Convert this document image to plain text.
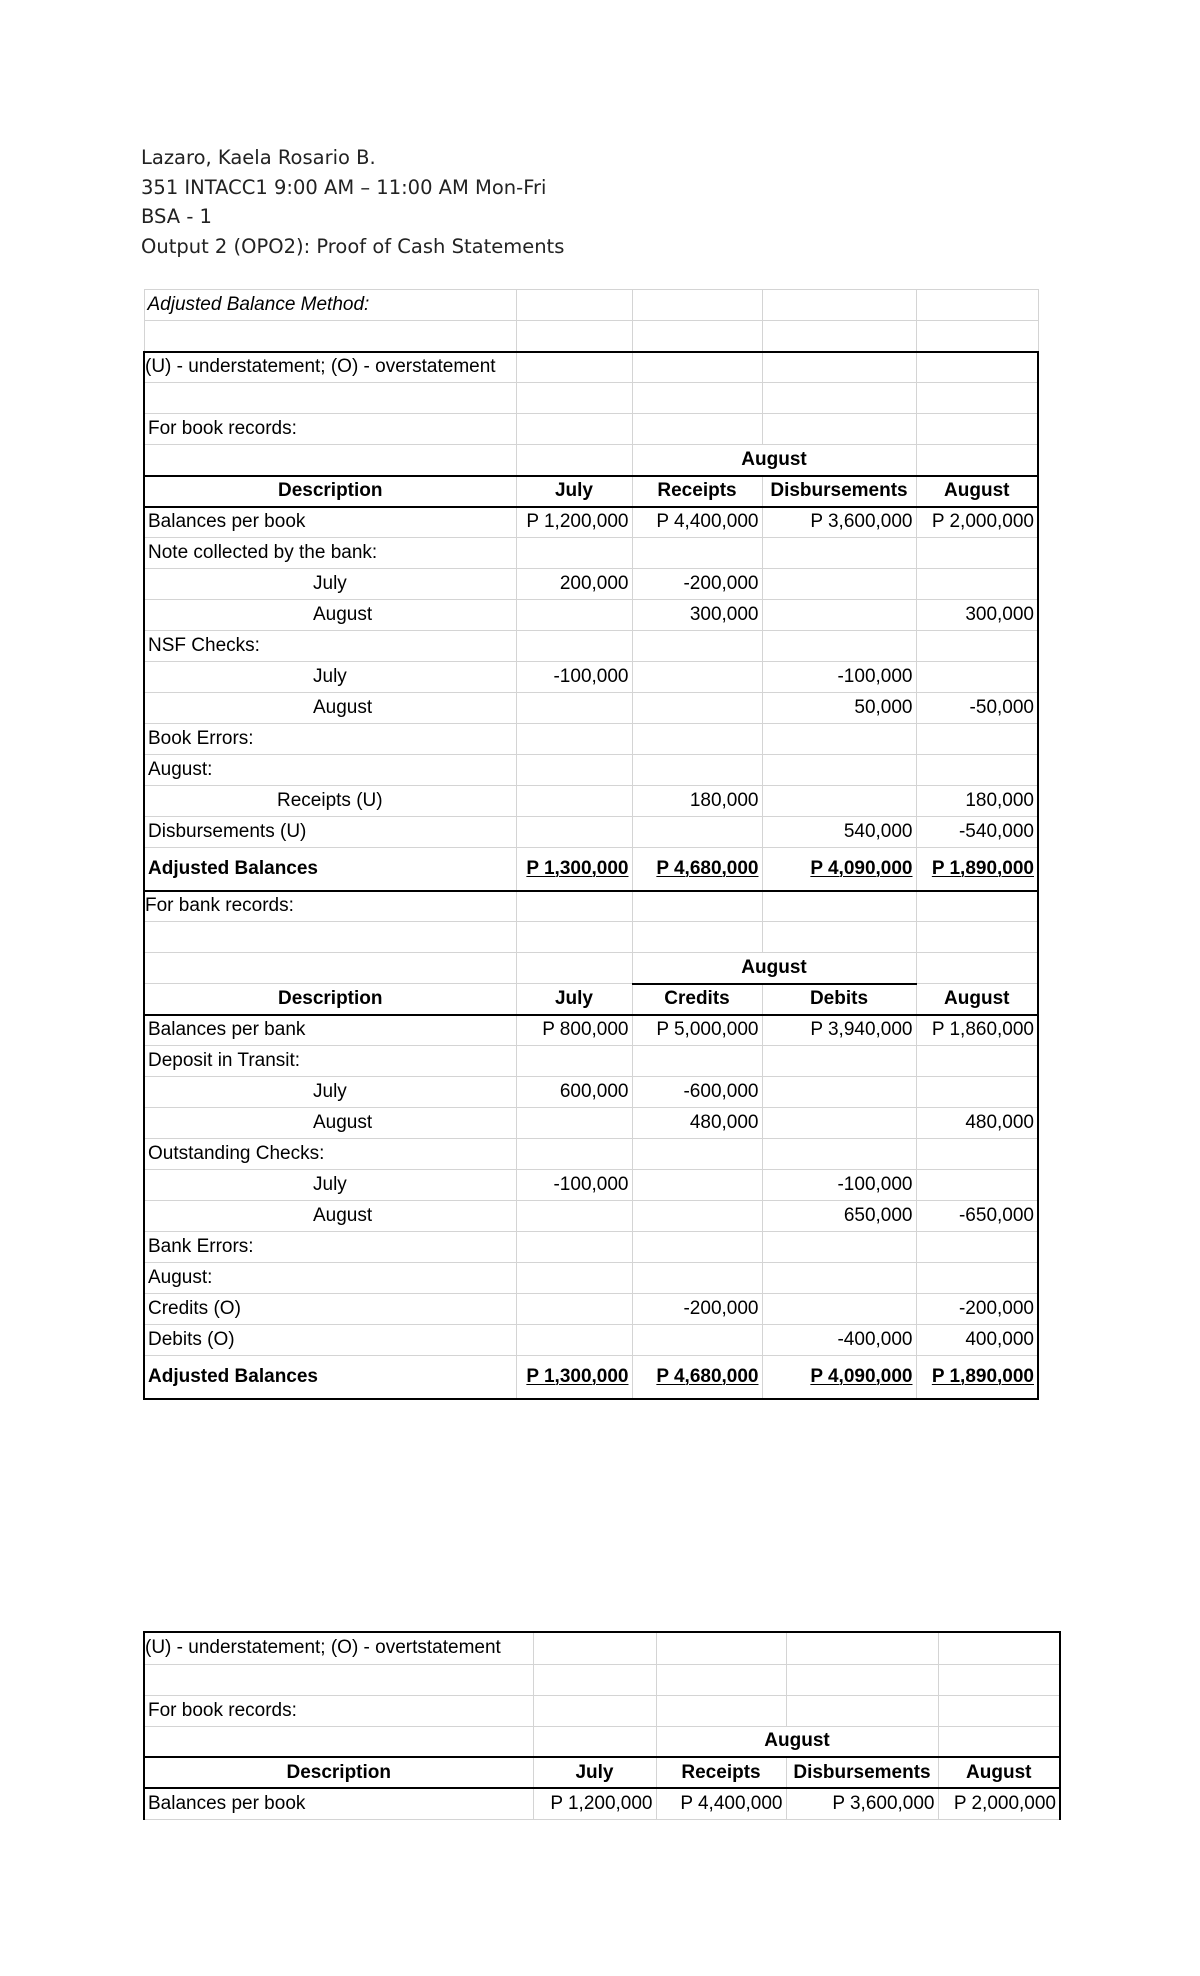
Lazaro, Kaela Rosario B.
351 INTACC1 9:00 AM – 11:00 AM Mon-Fri
BSA - 1
Output 2 (OPO2): Proof of Cash Statements
Adjusted Balance Method:				

(U) - understatement; (O) - overstatement				

For book records:				
		August		
Description	July	Receipts	Disbursements	August
Balances per book	P 1,200,000	P 4,400,000	P 3,600,000	P 2,000,000
Note collected by the bank:				
July	200,000	-200,000		
August		300,000		300,000
NSF Checks:				
July	-100,000		-100,000	
August			50,000	-50,000
Book Errors:				
August:				
Receipts (U)		180,000		180,000
Disbursements (U)			540,000	-540,000
Adjusted Balances	P 1,300,000	P 4,680,000	P 4,090,000	P 1,890,000
For bank records:				

		August		
Description	July	Credits	Debits	August
Balances per bank	P 800,000	P 5,000,000	P 3,940,000	P 1,860,000
Deposit in Transit:				
July	600,000	-600,000		
August		480,000		480,000
Outstanding Checks:				
July	-100,000		-100,000	
August			650,000	-650,000
Bank Errors:				
August:				
Credits (O)		-200,000		-200,000
Debits (O)			-400,000	400,000
Adjusted Balances	P 1,300,000	P 4,680,000	P 4,090,000	P 1,890,000
(U) - understatement; (O) - overtstatement				

For book records:				
		August		
Description	July	Receipts	Disbursements	August
Balances per book	P 1,200,000	P 4,400,000	P 3,600,000	P 2,000,000
